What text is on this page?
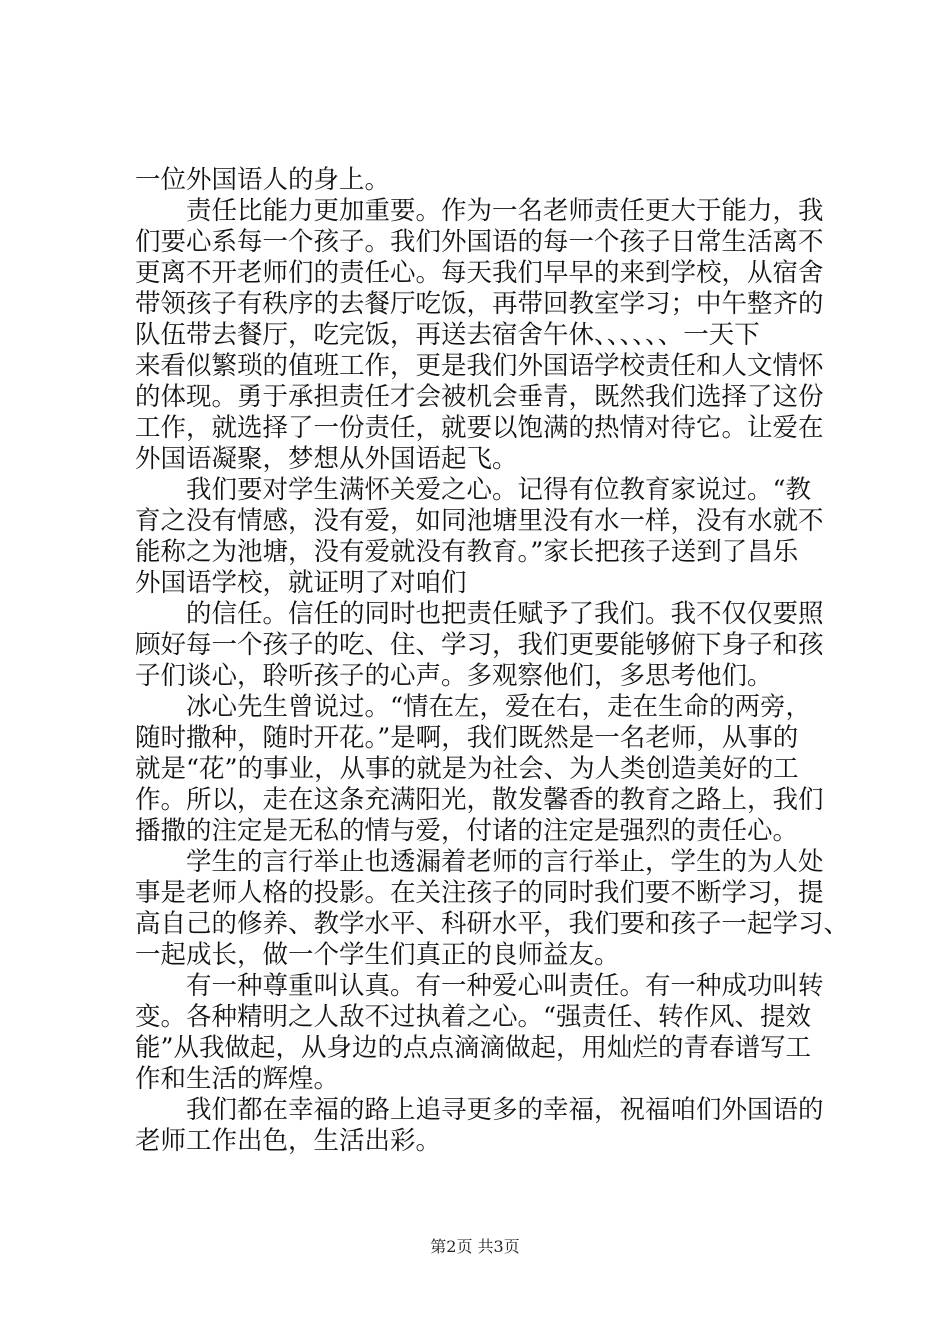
一位外国语人的身上。
责任比能力更加重要。作为一名老师责任更大于能力，我
们要心系每一个孩子。我们外国语的每一个孩子日常生活离不
更离不开老师们的责任心。每天我们早早的来到学校，从宿舍
带领孩子有秩序的去餐厅吃饭，再带回教室学习；中午整齐的
队伍带去餐厅，吃完饭，再送去宿舍午休、、、、、、一天下
来看似繁琐的值班工作，更是我们外国语学校责任和人文情怀
的体现。勇于承担责任才会被机会垂青，既然我们选择了这份
工作，就选择了一份责任，就要以饱满的热情对待它。让爱在
外国语凝聚，梦想从外国语起飞。
我们要对学生满怀关爱之心。记得有位教育家说过。“教
育之没有情感，没有爱，如同池塘里没有水一样，没有水就不
能称之为池塘，没有爱就没有教育。”家长把孩子送到了昌乐
外国语学校，就证明了对咱们
的信任。信任的同时也把责任赋予了我们。我不仅仅要照
顾好每一个孩子的吃、住、学习，我们更要能够俯下身子和孩
子们谈心，聆听孩子的心声。多观察他们，多思考他们。
冰心先生曾说过。“情在左，爱在右，走在生命的两旁，
随时撒种，随时开花。”是啊，我们既然是一名老师，从事的
就是“花”的事业，从事的就是为社会、为人类创造美好的工
作。所以，走在这条充满阳光，散发馨香的教育之路上，我们
播撒的注定是无私的情与爱，付诸的注定是强烈的责任心。
学生的言行举止也透漏着老师的言行举止，学生的为人处
事是老师人格的投影。在关注孩子的同时我们要不断学习，提
高自己的修养、教学水平、科研水平，我们要和孩子一起学习、
一起成长，做一个学生们真正的良师益友。
有一种尊重叫认真。有一种爱心叫责任。有一种成功叫转
变。各种精明之人敌不过执着之心。“强责任、转作风、提效
能”从我做起，从身边的点点滴滴做起，用灿烂的青春谱写工
作和生活的辉煌。
我们都在幸福的路上追寻更多的幸福，祝福咱们外国语的
老师工作出色，生活出彩。
第2页 共3页
